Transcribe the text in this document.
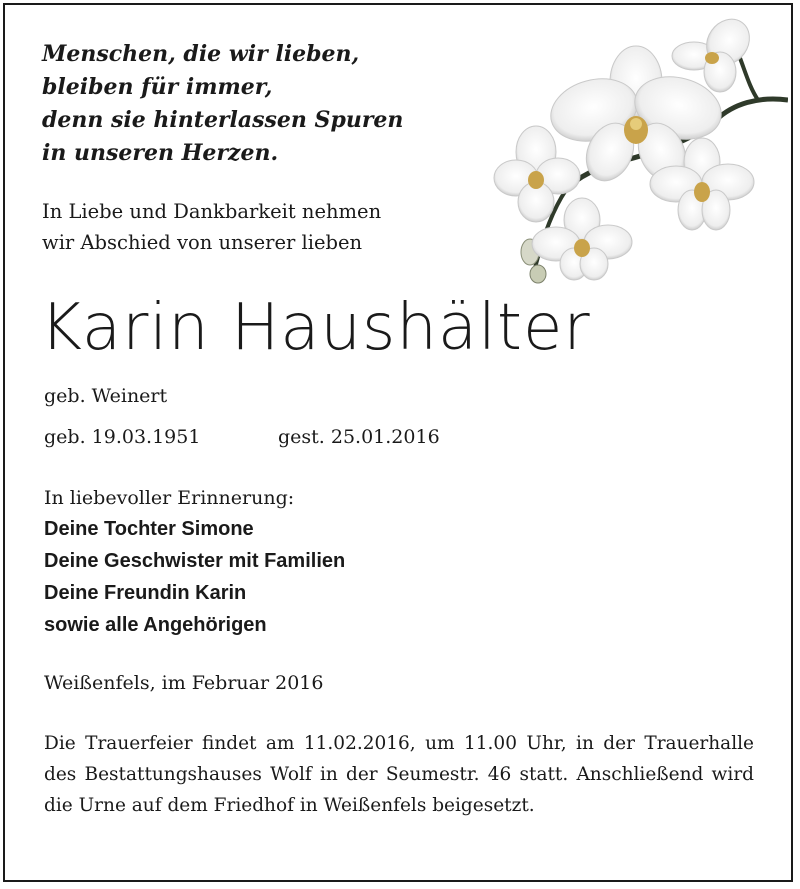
Menschen, die wir lieben,
bleiben für immer,
denn sie hinterlassen Spuren
in unseren Herzen.
In Liebe und Dankbarkeit nehmen
wir Abschied von unserer lieben
Karin Haushälter
geb. Weinert
geb. 19.03.1951	gest. 25.01.2016
In liebevoller Erinnerung:
Deine Tochter Simone
Deine Geschwister mit Familien
Deine Freundin Karin
sowie alle Angehörigen
Weißenfels, im Februar 2016
Die Trauerfeier findet am 11.02.2016, um 11.00 Uhr, in der Trauerhalle des Bestattungshauses Wolf in der Seumestr. 46 statt. Anschließend wird die Urne auf dem Friedhof in Weißenfels beigesetzt.
